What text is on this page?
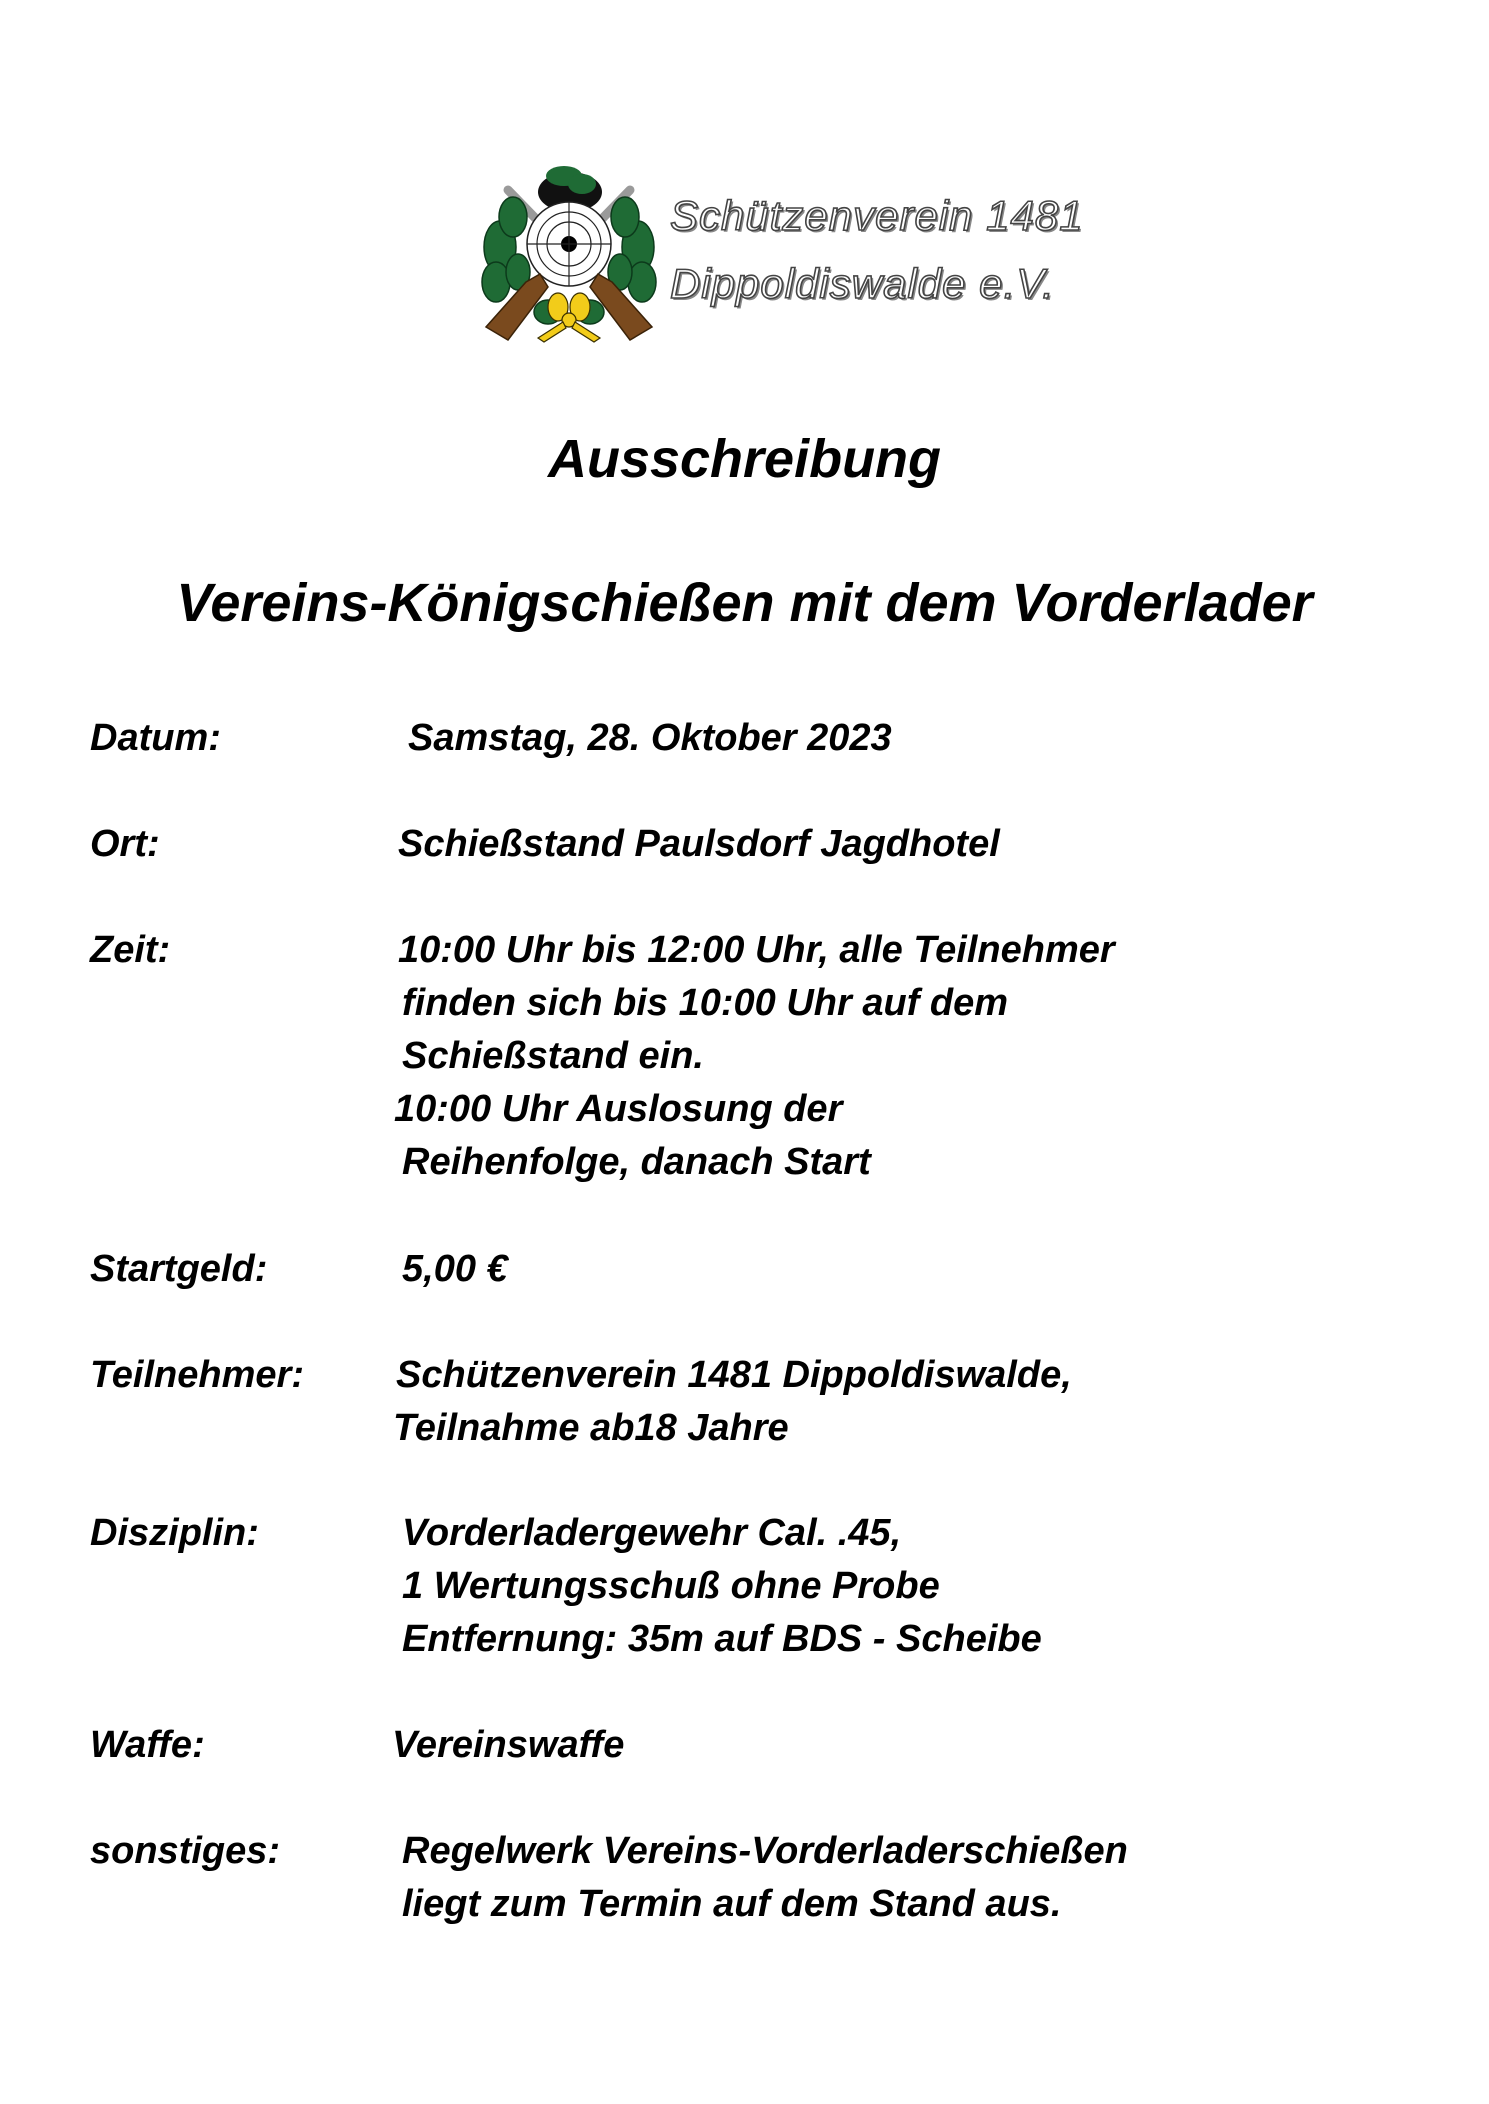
Schützenverein 1481
Dippoldiswalde e.V.
Ausschreibung
Vereins-Königschießen mit dem Vorderlader
Datum:	Samstag, 28. Oktober 2023
Ort:	Schießstand Paulsdorf Jagdhotel
Zeit:	10:00 Uhr bis 12:00 Uhr, alle Teilnehmer
finden sich bis 10:00 Uhr auf dem
Schießstand ein.
10:00 Uhr Auslosung der
Reihenfolge, danach Start
Startgeld:	5,00 €
Teilnehmer: Schützenverein 1481 Dippoldiswalde,
Teilnahme ab18 Jahre
Disziplin:	Vorderladergewehr Cal. .45,
1 Wertungsschuß ohne Probe
Entfernung: 35m auf BDS - Scheibe
Waffe:	Vereinswaffe
sonstiges:	Regelwerk Vereins-Vorderladerschießen
liegt zum Termin auf dem Stand aus.
